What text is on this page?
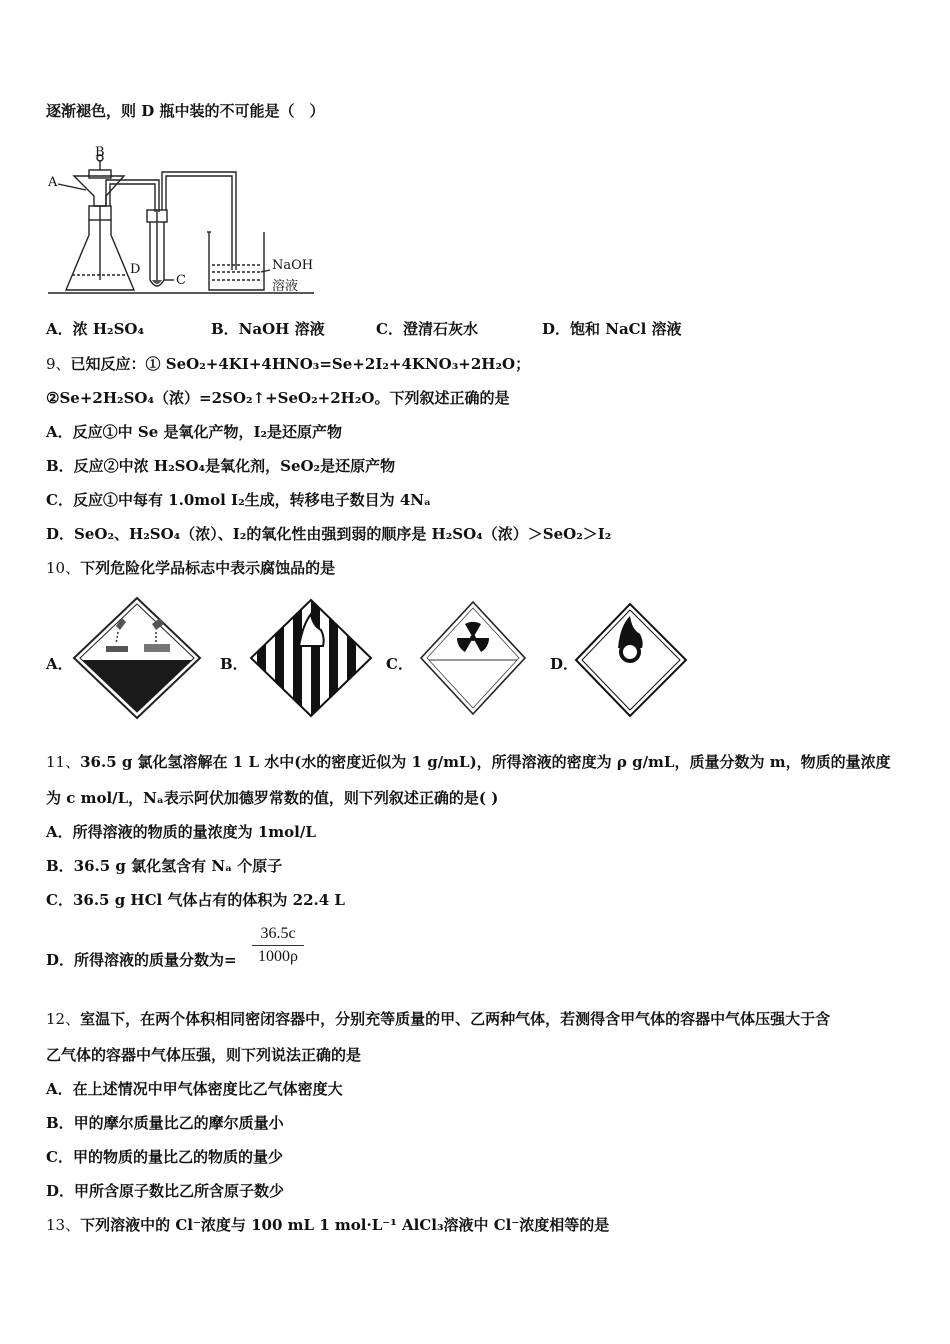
逐渐褪色，则 D 瓶中装的不可能是（　）
A
B
C
D	NaOH
溶液
A．浓 H₂SO₄	B．NaOH 溶液	C．澄清石灰水	D．饱和 NaCl 溶液
9、已知反应：① SeO₂+4KI+4HNO₃=Se+2I₂+4KNO₃+2H₂O；
②Se+2H₂SO₄（浓）=2SO₂↑+SeO₂+2H₂O。下列叙述正确的是
A．反应①中 Se 是氧化产物，I₂是还原产物
B．反应②中浓 H₂SO₄是氧化剂，SeO₂是还原产物
C．反应①中每有 1.0mol I₂生成，转移电子数目为 4Nₐ
D．SeO₂、H₂SO₄（浓）、I₂的氧化性由强到弱的顺序是 H₂SO₄（浓）＞SeO₂＞I₂
10、下列危险化学品标志中表示腐蚀品的是
A．	B．	C．	D．
11、36.5 g 氯化氢溶解在 1 L 水中(水的密度近似为 1 g/mL)，所得溶液的密度为 ρ g/mL，质量分数为 m，物质的量浓度
为 c mol/L，Nₐ表示阿伏加德罗常数的值，则下列叙述正确的是( )
A．所得溶液的物质的量浓度为 1mol/L
B．36.5 g 氯化氢含有 Nₐ 个原子
C．36.5 g HCl 气体占有的体积为 22.4 L
D．所得溶液的质量分数为= $\frac{36.5c}{1000\rho}$
12、室温下，在两个体积相同密闭容器中，分别充等质量的甲、乙两种气体，若测得含甲气体的容器中气体压强大于含
乙气体的容器中气体压强，则下列说法正确的是
A．在上述情况中甲气体密度比乙气体密度大
B．甲的摩尔质量比乙的摩尔质量小
C．甲的物质的量比乙的物质的量少
D．甲所含原子数比乙所含原子数少
13、下列溶液中的 Cl⁻浓度与 100 mL 1 mol·L⁻¹ AlCl₃溶液中 Cl⁻浓度相等的是
